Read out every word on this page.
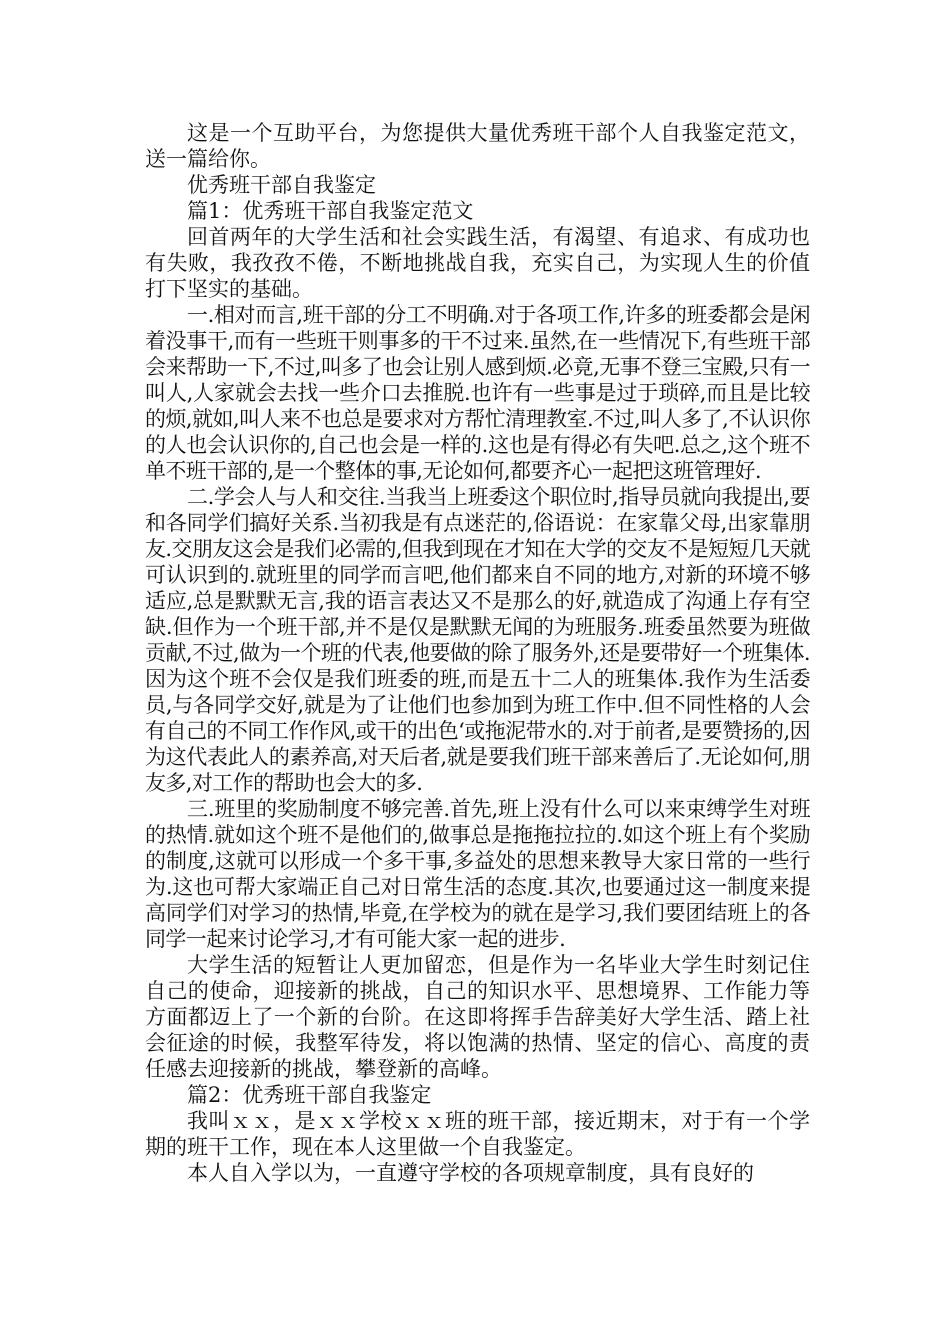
这是一个互助平台，为您提供大量优秀班干部个人自我鉴定范文，送一篇给你。

优秀班干部自我鉴定

篇1：优秀班干部自我鉴定范文

回首两年的大学生活和社会实践生活，有渴望、有追求、有成功也有失败，我孜孜不倦，不断地挑战自我，充实自己，为实现人生的价值打下坚实的基础。

一.相对而言,班干部的分工不明确.对于各项工作,许多的班委都会是闲着没事干,而有一些班干则事多的干不过来.虽然,在一些情况下,有些班干部会来帮助一下,不过,叫多了也会让别人感到烦.必竟,无事不登三宝殿,只有一叫人,人家就会去找一些介口去推脱.也许有一些事是过于琐碎,而且是比较的烦,就如,叫人来不也总是要求对方帮忙清理教室.不过,叫人多了,不认识你的人也会认识你的,自己也会是一样的.这也是有得必有失吧.总之,这个班不单不班干部的,是一个整体的事,无论如何,都要齐心一起把这班管理好.

二.学会人与人和交往.当我当上班委这个职位时,指导员就向我提出,要和各同学们搞好关系.当初我是有点迷茫的,俗语说：在家靠父母,出家靠朋友.交朋友这会是我们必需的,但我到现在才知在大学的交友不是短短几天就可认识到的.就班里的同学而言吧,他们都来自不同的地方,对新的环境不够适应,总是默默无言,我的语言表达又不是那么的好,就造成了沟通上存有空缺.但作为一个班干部,并不是仅是默默无闻的为班服务.班委虽然要为班做贡献,不过,做为一个班的代表,他要做的除了服务外,还是要带好一个班集体.因为这个班不会仅是我们班委的班,而是五十二人的班集体.我作为生活委员,与各同学交好,就是为了让他们也参加到为班工作中.但不同性格的人会有自己的不同工作作风,或干的出色‘或拖泥带水的.对于前者,是要赞扬的,因为这代表此人的素养高,对天后者,就是要我们班干部来善后了.无论如何,朋友多,对工作的帮助也会大的多.

三.班里的奖励制度不够完善.首先,班上没有什么可以来束缚学生对班的热情.就如这个班不是他们的,做事总是拖拖拉拉的.如这个班上有个奖励的制度,这就可以形成一个多干事,多益处的思想来教导大家日常的一些行为.这也可帮大家端正自己对日常生活的态度.其次,也要通过这一制度来提高同学们对学习的热情,毕竟,在学校为的就在是学习,我们要团结班上的各同学一起来讨论学习,才有可能大家一起的进步.

大学生活的短暂让人更加留恋，但是作为一名毕业大学生时刻记住自己的使命，迎接新的挑战，自己的知识水平、思想境界、工作能力等方面都迈上了一个新的台阶。在这即将挥手告辞美好大学生活、踏上社会征途的时候，我整军待发，将以饱满的热情、坚定的信心、高度的责任感去迎接新的挑战，攀登新的高峰。

篇2：优秀班干部自我鉴定

我叫ｘｘ，是ｘｘ学校ｘｘ班的班干部，接近期末，对于有一个学期的班干工作，现在本人这里做一个自我鉴定。

本人自入学以为，一直遵守学校的各项规章制度，具有良好的
